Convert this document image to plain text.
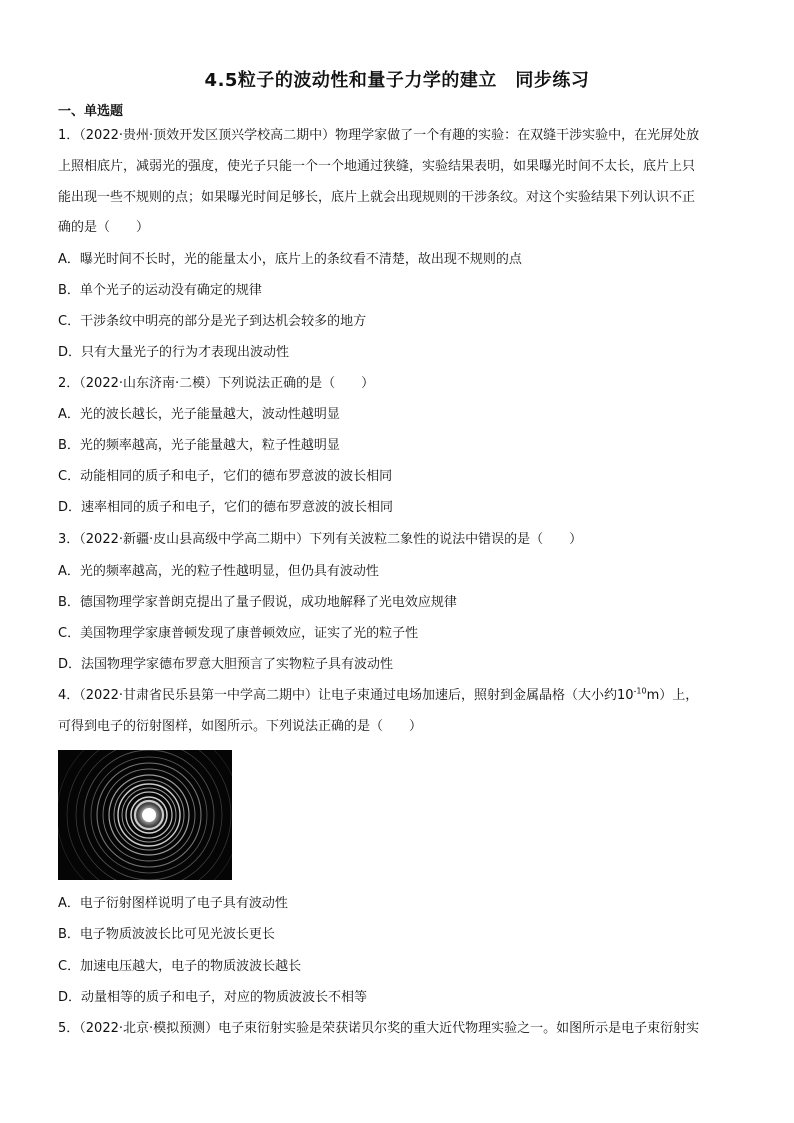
4.5粒子的波动性和量子力学的建立　同步练习
一、单选题
1．（2022·贵州·顶效开发区顶兴学校高二期中）物理学家做了一个有趣的实验：在双缝干涉实验中，在光屏处放
上照相底片，减弱光的强度，使光子只能一个一个地通过狭缝，实验结果表明，如果曝光时间不太长，底片上只
能出现一些不规则的点；如果曝光时间足够长，底片上就会出现规则的干涉条纹。对这个实验结果下列认识不正
确的是（　　）
A．曝光时间不长时，光的能量太小，底片上的条纹看不清楚，故出现不规则的点
B．单个光子的运动没有确定的规律
C．干涉条纹中明亮的部分是光子到达机会较多的地方
D．只有大量光子的行为才表现出波动性
2．（2022·山东济南·二模）下列说法正确的是（　　）
A．光的波长越长，光子能量越大，波动性越明显
B．光的频率越高，光子能量越大，粒子性越明显
C．动能相同的质子和电子，它们的德布罗意波的波长相同
D．速率相同的质子和电子，它们的德布罗意波的波长相同
3．（2022·新疆·皮山县高级中学高二期中）下列有关波粒二象性的说法中错误的是（　　）
A．光的频率越高，光的粒子性越明显，但仍具有波动性
B．德国物理学家普朗克提出了量子假说，成功地解释了光电效应规律
C．美国物理学家康普顿发现了康普顿效应，证实了光的粒子性
D．法国物理学家德布罗意大胆预言了实物粒子具有波动性
4．（2022·甘肃省民乐县第一中学高二期中）让电子束通过电场加速后，照射到金属晶格（大小约$10^{-10}m$）上，
可得到电子的衍射图样，如图所示。下列说法正确的是（　　）
A．电子衍射图样说明了电子具有波动性
B．电子物质波波长比可见光波长更长
C．加速电压越大，电子的物质波波长越长
D．动量相等的质子和电子，对应的物质波波长不相等
5．（2022·北京·模拟预测）电子束衍射实验是荣获诺贝尔奖的重大近代物理实验之一。如图所示是电子束衍射实
